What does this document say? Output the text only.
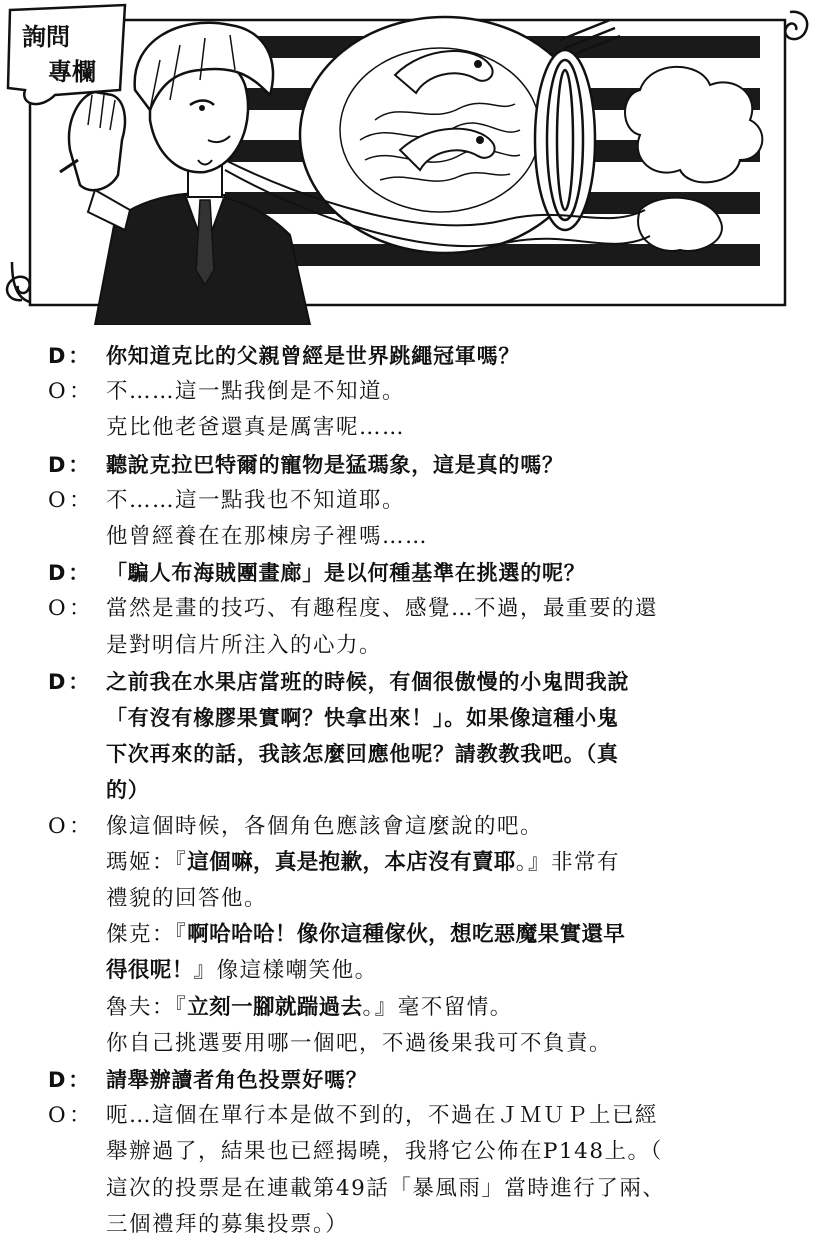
詢問
專欄
D： 你知道克比的父親曾經是世界跳繩冠軍嗎？
O： 不……這一點我倒是不知道。
克比他老爸還真是厲害呢……
D： 聽說克拉巴特爾的寵物是猛瑪象，這是真的嗎？
O： 不……這一點我也不知道耶。
他曾經養在在那棟房子裡嗎……
D： 「騙人布海賊團畫廊」是以何種基準在挑選的呢？
O： 當然是畫的技巧、有趣程度、感覺…不過，最重要的還
是對明信片所注入的心力。
D： 之前我在水果店當班的時候，有個很傲慢的小鬼問我說
「有沒有橡膠果實啊？快拿出來！」。如果像這種小鬼
下次再來的話，我該怎麼回應他呢？請教教我吧。（真
的）
O： 像這個時候，各個角色應該會這麼說的吧。
瑪姬：『這個嘛，真是抱歉，本店沒有賣耶。』非常有
禮貌的回答他。
傑克：『啊哈哈哈！像你這種傢伙，想吃惡魔果實還早
得很呢！』像這樣嘲笑他。
魯夫：『立刻一腳就踹過去。』毫不留情。
你自己挑選要用哪一個吧，不過後果我可不負責。
D： 請舉辦讀者角色投票好嗎？
O： 呃…這個在單行本是做不到的，不過在ＪＭＵＰ上已經
舉辦過了，結果也已經揭曉，我將它公佈在P148上。（
這次的投票是在連載第49話「暴風雨」當時進行了兩、
三個禮拜的募集投票。）
